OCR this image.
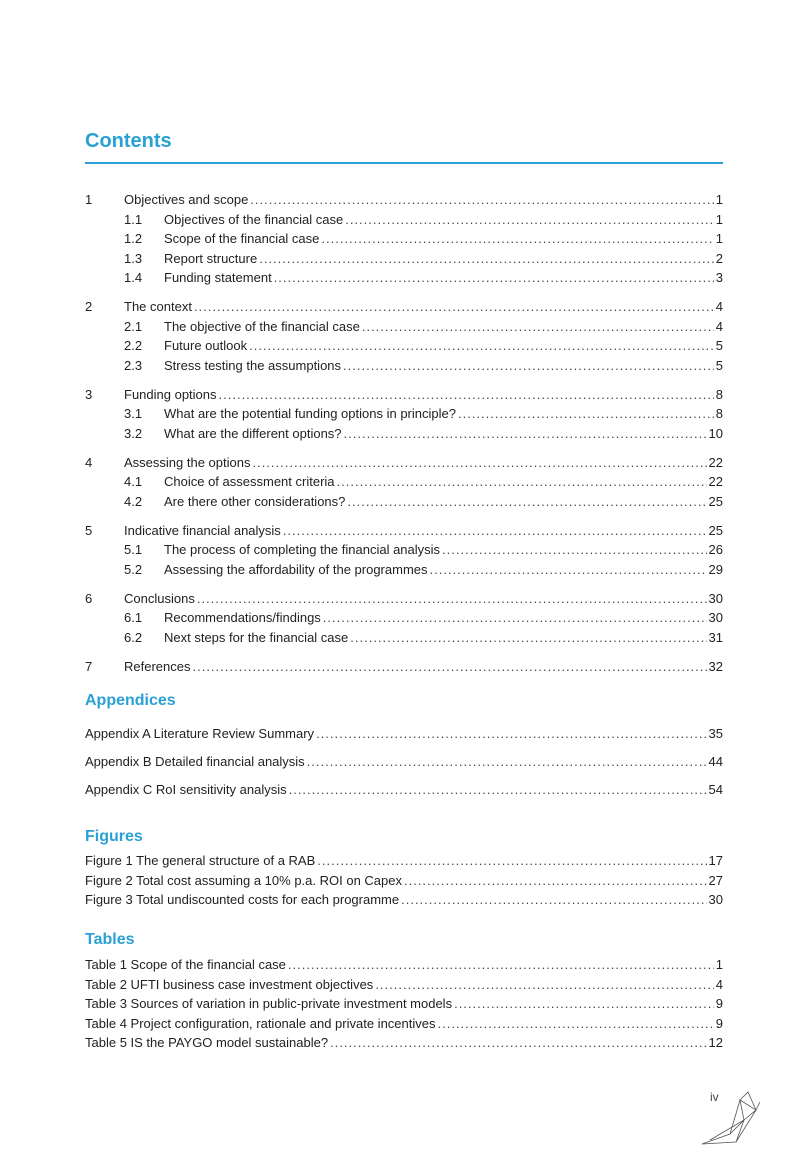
Contents
1	Objectives and scope .....	1
1.1	Objectives of the financial case .....	1
1.2	Scope of the financial case .....	1
1.3	Report structure .....	2
1.4	Funding statement .....	3
2	The context .....	4
2.1	The objective of the financial case .....	4
2.2	Future outlook .....	5
2.3	Stress testing the assumptions .....	5
3	Funding options .....	8
3.1	What are the potential funding options in principle? .....	8
3.2	What are the different options? .....	10
4	Assessing the options .....	22
4.1	Choice of assessment criteria .....	22
4.2	Are there other considerations? .....	25
5	Indicative financial analysis .....	25
5.1	The process of completing the financial analysis .....	26
5.2	Assessing the affordability of the programmes .....	29
6	Conclusions .....	30
6.1	Recommendations/findings .....	30
6.2	Next steps for the financial case .....	31
7	References .....	32
Appendices
Appendix A Literature Review Summary .....	35
Appendix B Detailed financial analysis .....	44
Appendix C RoI sensitivity analysis .....	54
Figures
Figure 1 The general structure of a RAB .....	17
Figure 2 Total cost assuming a 10% p.a. ROI on Capex .....	27
Figure 3 Total undiscounted costs for each programme .....	30
Tables
Table 1 Scope of the financial case .....	1
Table 2 UFTI business case investment objectives .....	4
Table 3 Sources of variation in public-private investment models .....	9
Table 4 Project configuration, rationale and private incentives .....	9
Table 5 IS the PAYGO model sustainable? .....	12
iv
